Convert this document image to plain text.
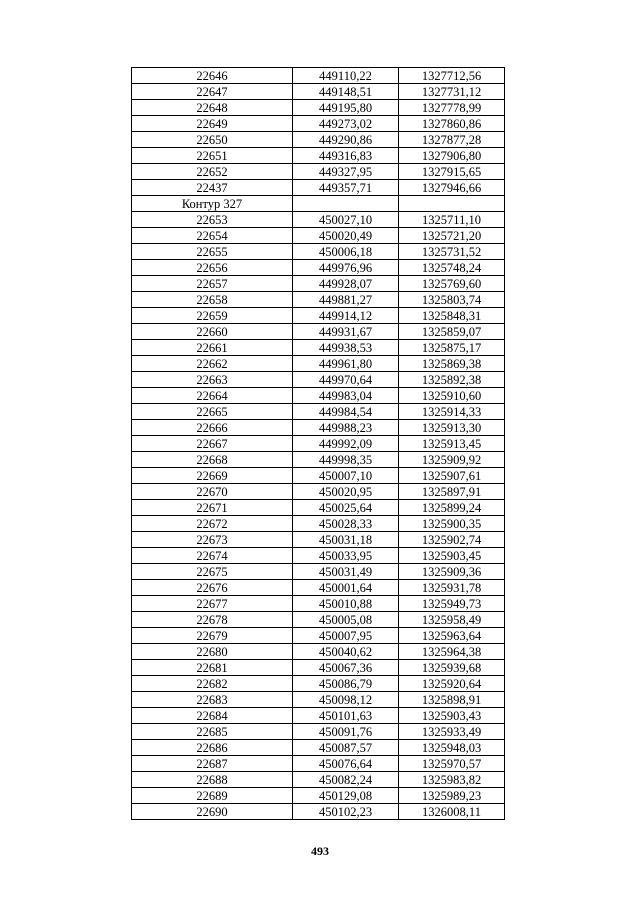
22646	449110,22	1327712,56
22647	449148,51	1327731,12
22648	449195,80	1327778,99
22649	449273,02	1327860,86
22650	449290,86	1327877,28
22651	449316,83	1327906,80
22652	449327,95	1327915,65
22437	449357,71	1327946,66
Контур 327		
22653	450027,10	1325711,10
22654	450020,49	1325721,20
22655	450006,18	1325731,52
22656	449976,96	1325748,24
22657	449928,07	1325769,60
22658	449881,27	1325803,74
22659	449914,12	1325848,31
22660	449931,67	1325859,07
22661	449938,53	1325875,17
22662	449961,80	1325869,38
22663	449970,64	1325892,38
22664	449983,04	1325910,60
22665	449984,54	1325914,33
22666	449988,23	1325913,30
22667	449992,09	1325913,45
22668	449998,35	1325909,92
22669	450007,10	1325907,61
22670	450020,95	1325897,91
22671	450025,64	1325899,24
22672	450028,33	1325900,35
22673	450031,18	1325902,74
22674	450033,95	1325903,45
22675	450031,49	1325909,36
22676	450001,64	1325931,78
22677	450010,88	1325949,73
22678	450005,08	1325958,49
22679	450007,95	1325963,64
22680	450040,62	1325964,38
22681	450067,36	1325939,68
22682	450086,79	1325920,64
22683	450098,12	1325898,91
22684	450101,63	1325903,43
22685	450091,76	1325933,49
22686	450087,57	1325948,03
22687	450076,64	1325970,57
22688	450082,24	1325983,82
22689	450129,08	1325989,23
22690	450102,23	1326008,11
493
